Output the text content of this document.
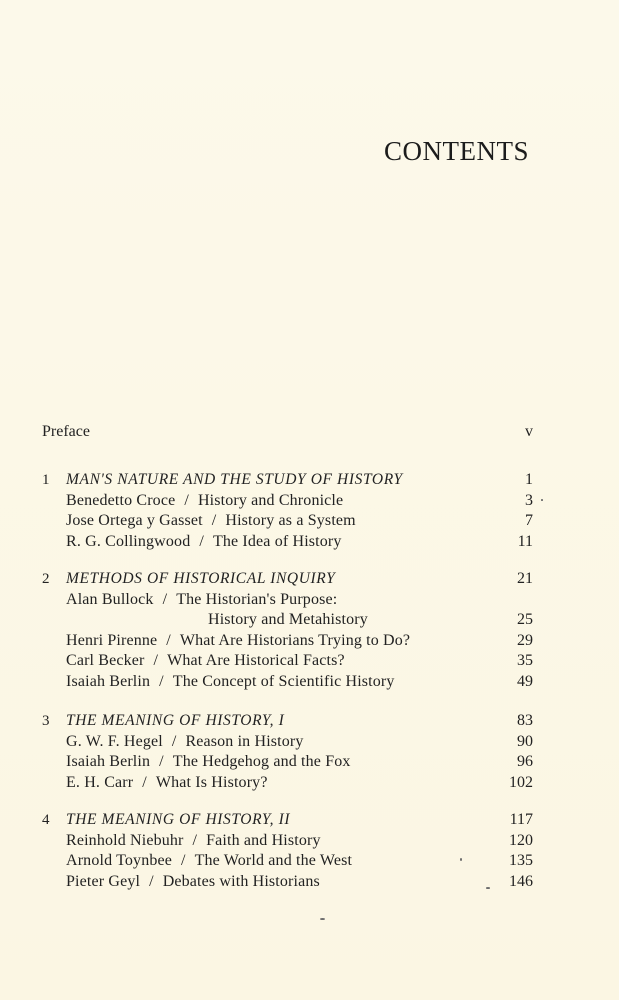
CONTENTS
Preface	v
1	MAN'S NATURE AND THE STUDY OF HISTORY	1
Benedetto Croce / History and Chronicle	3
Jose Ortega y Gasset / History as a System	7
R. G. Collingwood / The Idea of History	11
2	METHODS OF HISTORICAL INQUIRY	21
Alan Bullock / The Historian's Purpose:
History and Metahistory	25
Henri Pirenne / What Are Historians Trying to Do?	29
Carl Becker / What Are Historical Facts?	35
Isaiah Berlin / The Concept of Scientific History	49
3	THE MEANING OF HISTORY, I	83
G. W. F. Hegel / Reason in History	90
Isaiah Berlin / The Hedgehog and the Fox	96
E. H. Carr / What Is History?	102
4	THE MEANING OF HISTORY, II	117
Reinhold Niebuhr / Faith and History	120
Arnold Toynbee / The World and the West	135
Pieter Geyl / Debates with Historians	146
